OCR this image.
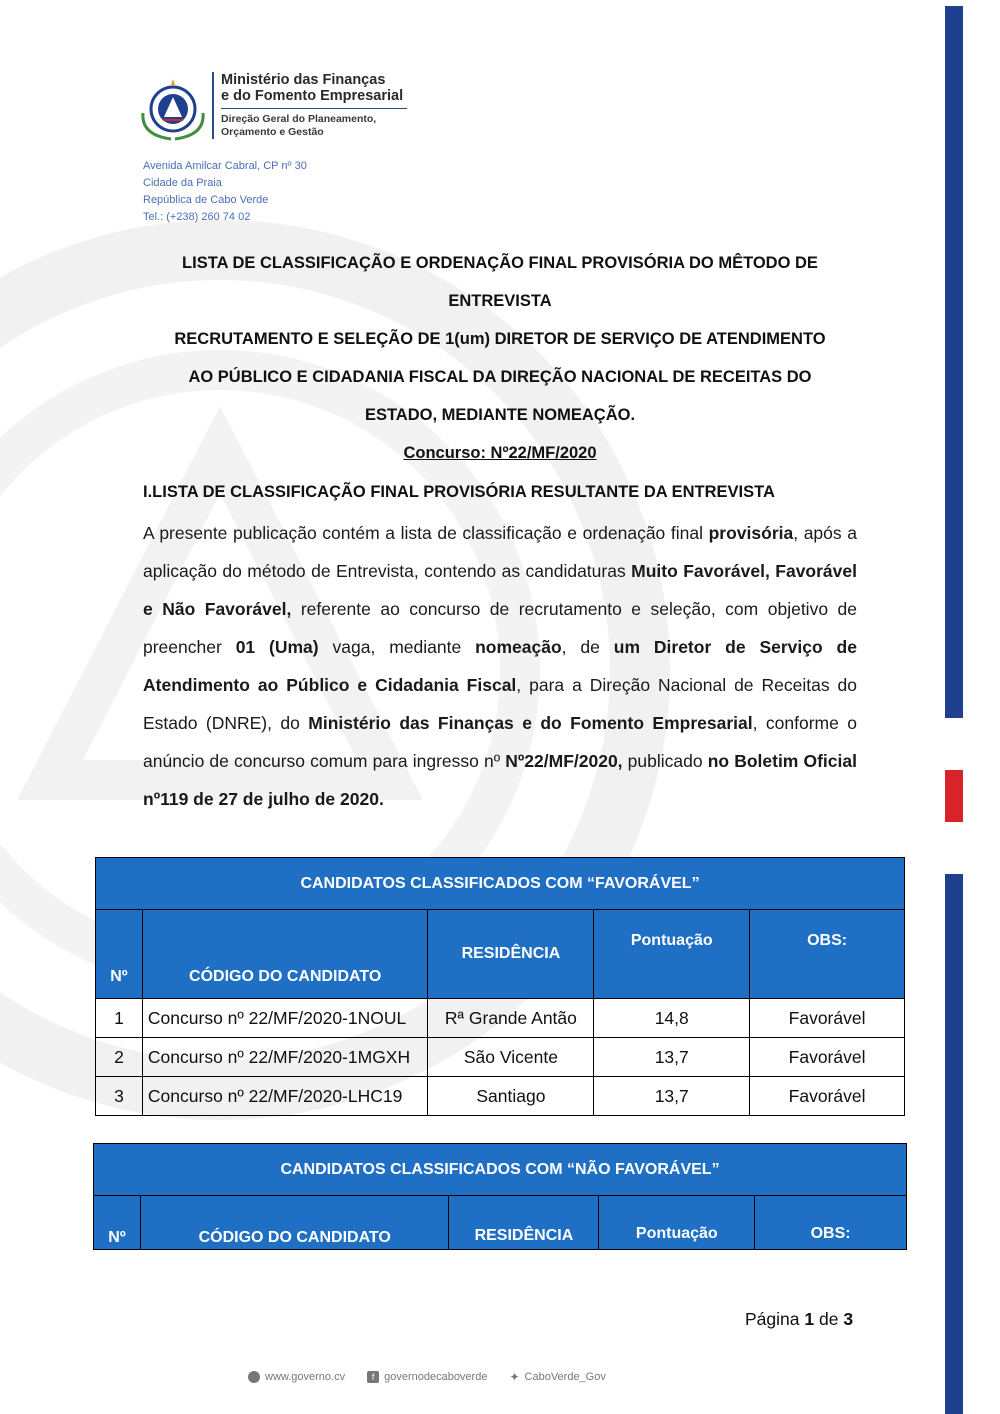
Ministério das Finanças
e do Fomento Empresarial
Direção Geral do Planeamento,
Orçamento e Gestão
Avenida Amilcar Cabral, CP nº 30
Cidade da Praia
República de Cabo Verde
Tel.: (+238) 260 74 02
LISTA DE CLASSIFICAÇÃO E ORDENAÇÃO FINAL PROVISÓRIA DO MÊTODO DE
ENTREVISTA
RECRUTAMENTO E SELEÇÃO DE 1(um) DIRETOR DE SERVIÇO DE ATENDIMENTO
AO PÚBLICO E CIDADANIA FISCAL DA DIREÇÃO NACIONAL DE RECEITAS DO
ESTADO, MEDIANTE NOMEAÇÃO.
Concurso: Nº22/MF/2020
I.LISTA DE CLASSIFICAÇÃO FINAL PROVISÓRIA RESULTANTE DA ENTREVISTA
A presente publicação contém a lista de classificação e ordenação final provisória, após a aplicação do método de Entrevista, contendo as candidaturas Muito Favorável, Favorável e Não Favorável, referente ao concurso de recrutamento e seleção, com objetivo de preencher 01 (Uma) vaga, mediante nomeação, de um Diretor de Serviço de Atendimento ao Público e Cidadania Fiscal, para a Direção Nacional de Receitas do Estado (DNRE), do Ministério das Finanças e do Fomento Empresarial, conforme o anúncio de concurso comum para ingresso nº Nº22/MF/2020, publicado no Boletim Oficial nº119 de 27 de julho de 2020.
CANDIDATOS CLASSIFICADOS COM “FAVORÁVEL”				
Nº	CÓDIGO DO CANDIDATO	RESIDÊNCIA	Pontuação	OBS:
1	Concurso nº 22/MF/2020-1NOUL	Rª Grande Antão	14,8	Favorável
2	Concurso nº 22/MF/2020-1MGXH	São Vicente	13,7	Favorável
3	Concurso nº 22/MF/2020-LHC19	Santiago	13,7	Favorável
CANDIDATOS CLASSIFICADOS COM “NÃO FAVORÁVEL”
Nº	CÓDIGO DO CANDIDATO	RESIDÊNCIA	Pontuação	OBS:
Página 1 de 3
www.governo.cv	f governodecaboverde ✦ CaboVerde_Gov
